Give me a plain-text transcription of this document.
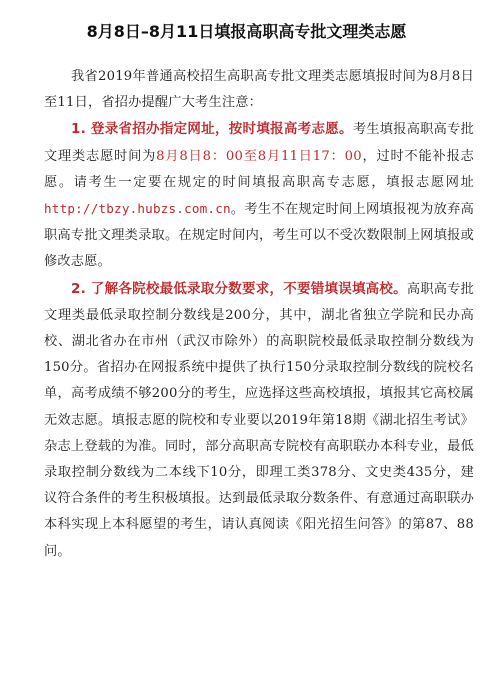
8月8日–8月11日填报高职高专批文理类志愿

我省2019年普通高校招生高职高专批文理类志愿填报时间为8月8日至11日，省招办提醒广大考生注意：

1. 登录省招办指定网址，按时填报高考志愿。考生填报高职高专批文理类志愿时间为8月8日8：00至8月11日17：00，过时不能补报志愿。请考生一定要在规定的时间填报高职高专志愿，填报志愿网址 http://tbzy.hubzs.com.cn。考生不在规定时间上网填报视为放弃高职高专批文理类录取。在规定时间内，考生可以不受次数限制上网填报或修改志愿。

2. 了解各院校最低录取分数要求，不要错填误填高校。高职高专批文理类最低录取控制分数线是200分，其中，湖北省独立学院和民办高校、湖北省办在市州（武汉市除外）的高职院校最低录取控制分数线为150分。省招办在网报系统中提供了执行150分录取控制分数线的院校名单，高考成绩不够200分的考生，应选择这些高校填报，填报其它高校属无效志愿。填报志愿的院校和专业要以2019年第18期《湖北招生考试》杂志上登载的为准。同时，部分高职高专院校有高职联办本科专业，最低录取控制分数线为二本线下10分，即理工类378分、文史类435分，建议符合条件的考生积极填报。达到最低录取分数条件、有意通过高职联办本科实现上本科愿望的考生，请认真阅读《阳光招生问答》的第87、88问。
